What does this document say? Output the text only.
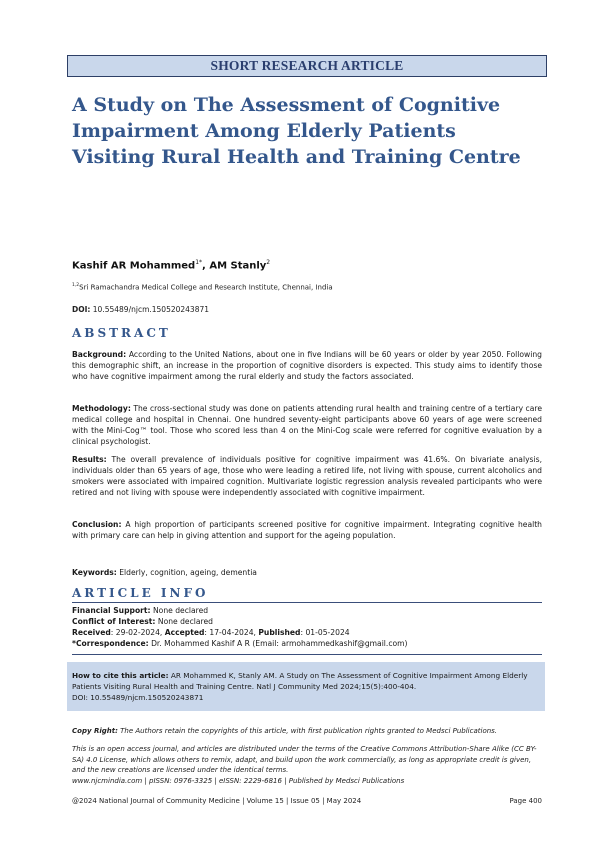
SHORT RESEARCH ARTICLE
A Study on The Assessment of Cognitive Impairment Among Elderly Patients Visiting Rural Health and Training Centre
Kashif AR Mohammed$^{1*}$, AM Stanly$^2$
$^{1,2}$Sri Ramachandra Medical College and Research Institute, Chennai, India
DOI: 10.55489/njcm.150520243871
ABSTRACT
Background: According to the United Nations, about one in five Indians will be 60 years or older by year 2050. Following this demographic shift, an increase in the proportion of cognitive disorders is expected. This study aims to identify those who have cognitive impairment among the rural elderly and study the factors associated.
Methodology: The cross-sectional study was done on patients attending rural health and training centre of a tertiary care medical college and hospital in Chennai. One hundred seventy-eight participants above 60 years of age were screened with the Mini-Cog™ tool. Those who scored less than 4 on the Mini-Cog scale were referred for cognitive evaluation by a clinical psychologist.
Results: The overall prevalence of individuals positive for cognitive impairment was 41.6%. On bivariate analysis, individuals older than 65 years of age, those who were leading a retired life, not living with spouse, current alcoholics and smokers were associated with impaired cognition. Multivariate logistic regression analysis revealed participants who were retired and not living with spouse were independently associated with cognitive impairment.
Conclusion: A high proportion of participants screened positive for cognitive impairment. Integrating cognitive health with primary care can help in giving attention and support for the ageing population.
Keywords: Elderly, cognition, ageing, dementia
ARTICLE INFO
Financial Support: None declared
Conflict of Interest: None declared
Received: 29-02-2024, Accepted: 17-04-2024, Published: 01-05-2024
*Correspondence: Dr. Mohammed Kashif A R (Email: armohammedkashif@gmail.com)
How to cite this article: AR Mohammed K, Stanly AM. A Study on The Assessment of Cognitive Impairment Among Elderly Patients Visiting Rural Health and Training Centre. Natl J Community Med 2024;15(5):400-404.
DOI: 10.55489/njcm.150520243871
Copy Right: The Authors retain the copyrights of this article, with first publication rights granted to Medsci Publications.
This is an open access journal, and articles are distributed under the terms of the Creative Commons Attribution-Share Alike (CC BY-SA) 4.0 License, which allows others to remix, adapt, and build upon the work commercially, as long as appropriate credit is given, and the new creations are licensed under the identical terms.
www.njcmindia.com | pISSN: 0976-3325 | eISSN: 2229-6816 | Published by Medsci Publications
@2024 National Journal of Community Medicine | Volume 15 | Issue 05 | May 2024	Page 400
